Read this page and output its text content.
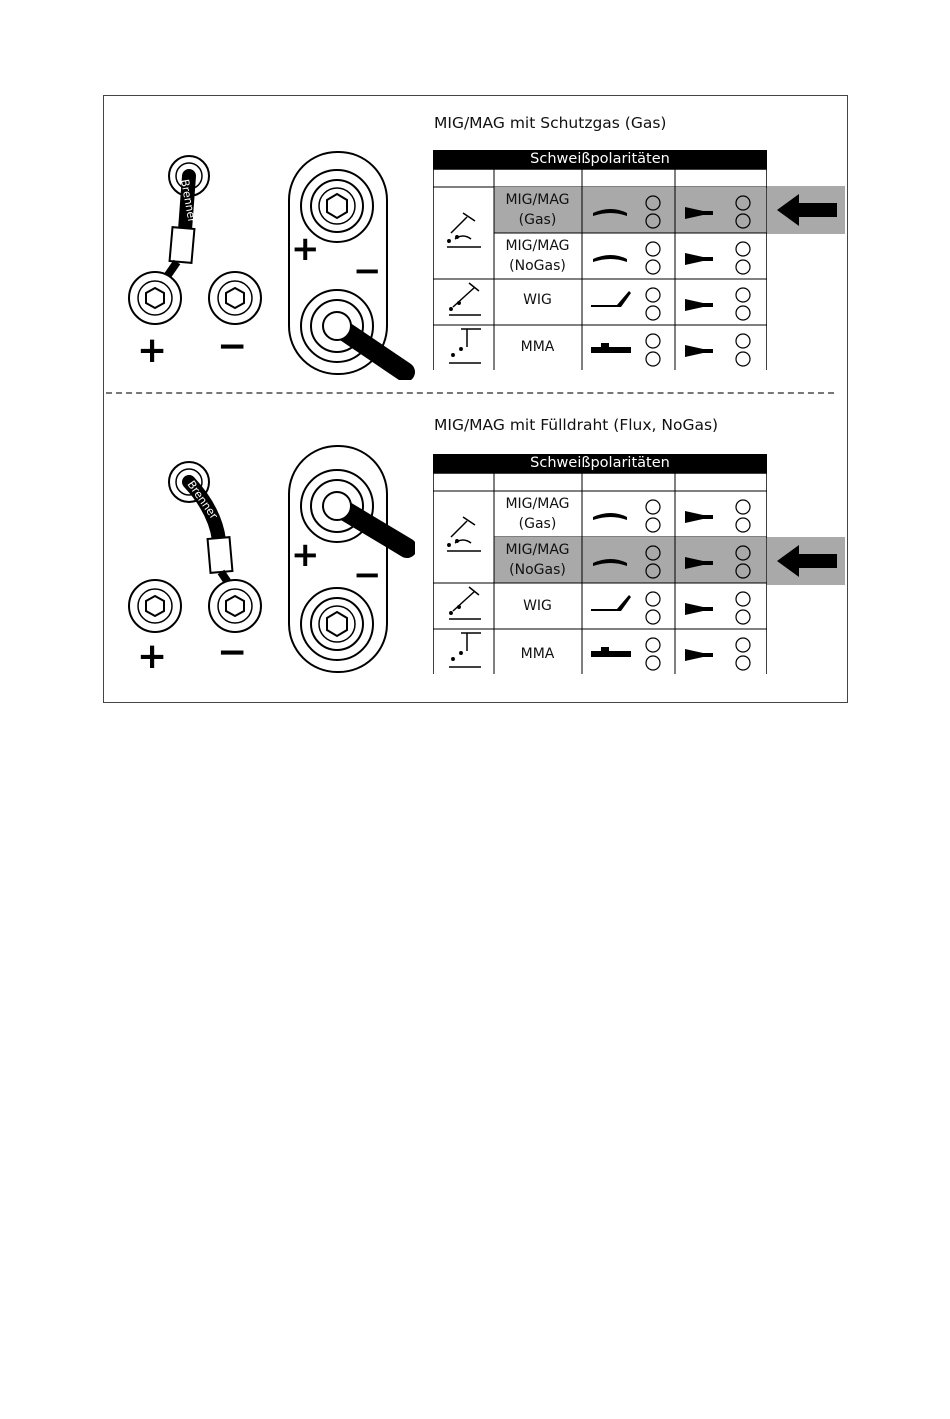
MIG/MAG mit Schutzgas (Gas)
Brenner
+ −
+
−
Schweißpolaritäten
MIG/MAG
(Gas)
MIG/MAG
(NoGas)
WIG
MMA
MIG/MAG mit Fülldraht (Flux, NoGas)
Brenner
+ −
+ −
Schweißpolaritäten
MIG/MAG
(Gas)
MIG/MAG
(NoGas)
WIG
MMA
